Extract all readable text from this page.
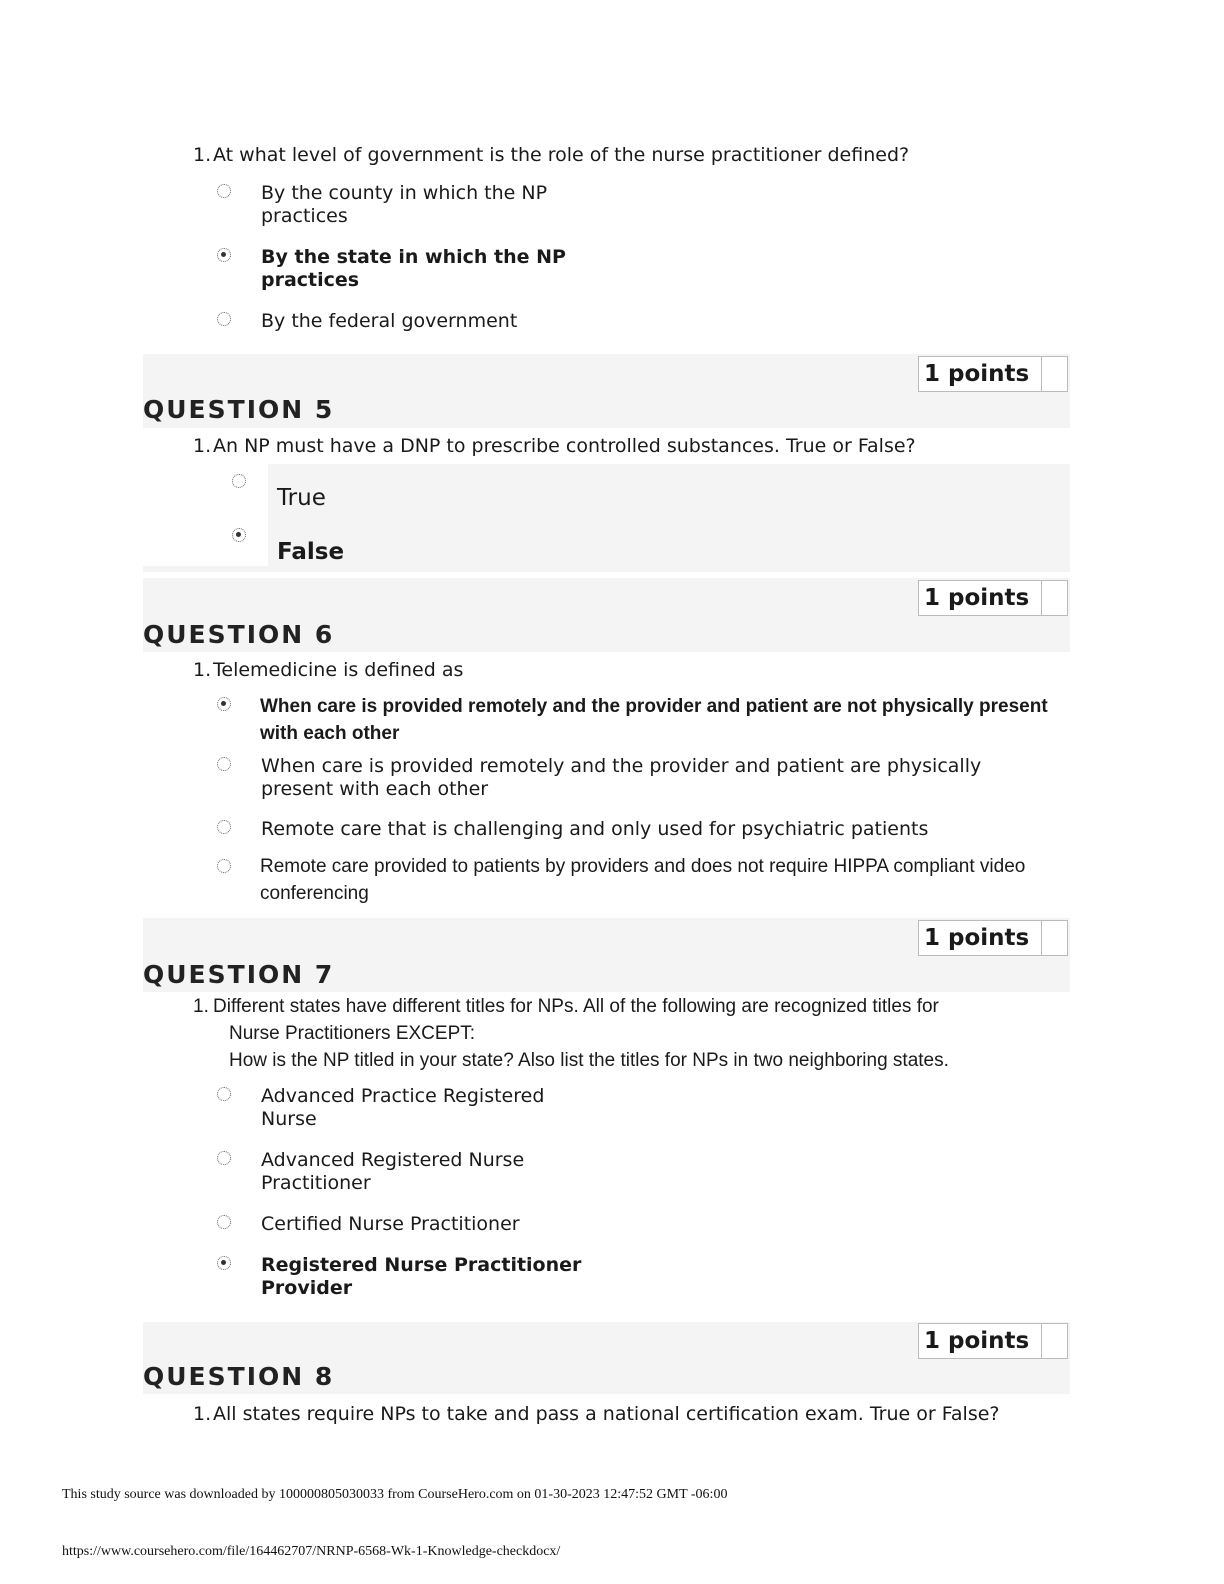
1.At what level of government is the role of the nurse practitioner defined?
By the county in which the NP practices
By the state in which the NP practices
By the federal government
1 points
QUESTION 5
1.An NP must have a DNP to prescribe controlled substances. True or False?
True
False
1 points
QUESTION 6
1.Telemedicine is defined as
When care is provided remotely and the provider and patient are not physically present with each other
When care is provided remotely and the provider and patient are physically present with each other
Remote care that is challenging and only used for psychiatric patients
Remote care provided to patients by providers and does not require HIPPA compliant video conferencing
1 points
QUESTION 7
1. Different states have different titles for NPs. All of the following are recognized titles for
Nurse Practitioners EXCEPT:
How is the NP titled in your state? Also list the titles for NPs in two neighboring states.
Advanced Practice Registered Nurse
Advanced Registered Nurse Practitioner
Certified Nurse Practitioner
Registered Nurse Practitioner Provider
1 points
QUESTION 8
1.All states require NPs to take and pass a national certification exam. True or False?
This study source was downloaded by 100000805030033 from CourseHero.com on 01-30-2023 12:47:52 GMT -06:00
https://www.coursehero.com/file/164462707/NRNP-6568-Wk-1-Knowledge-checkdocx/
